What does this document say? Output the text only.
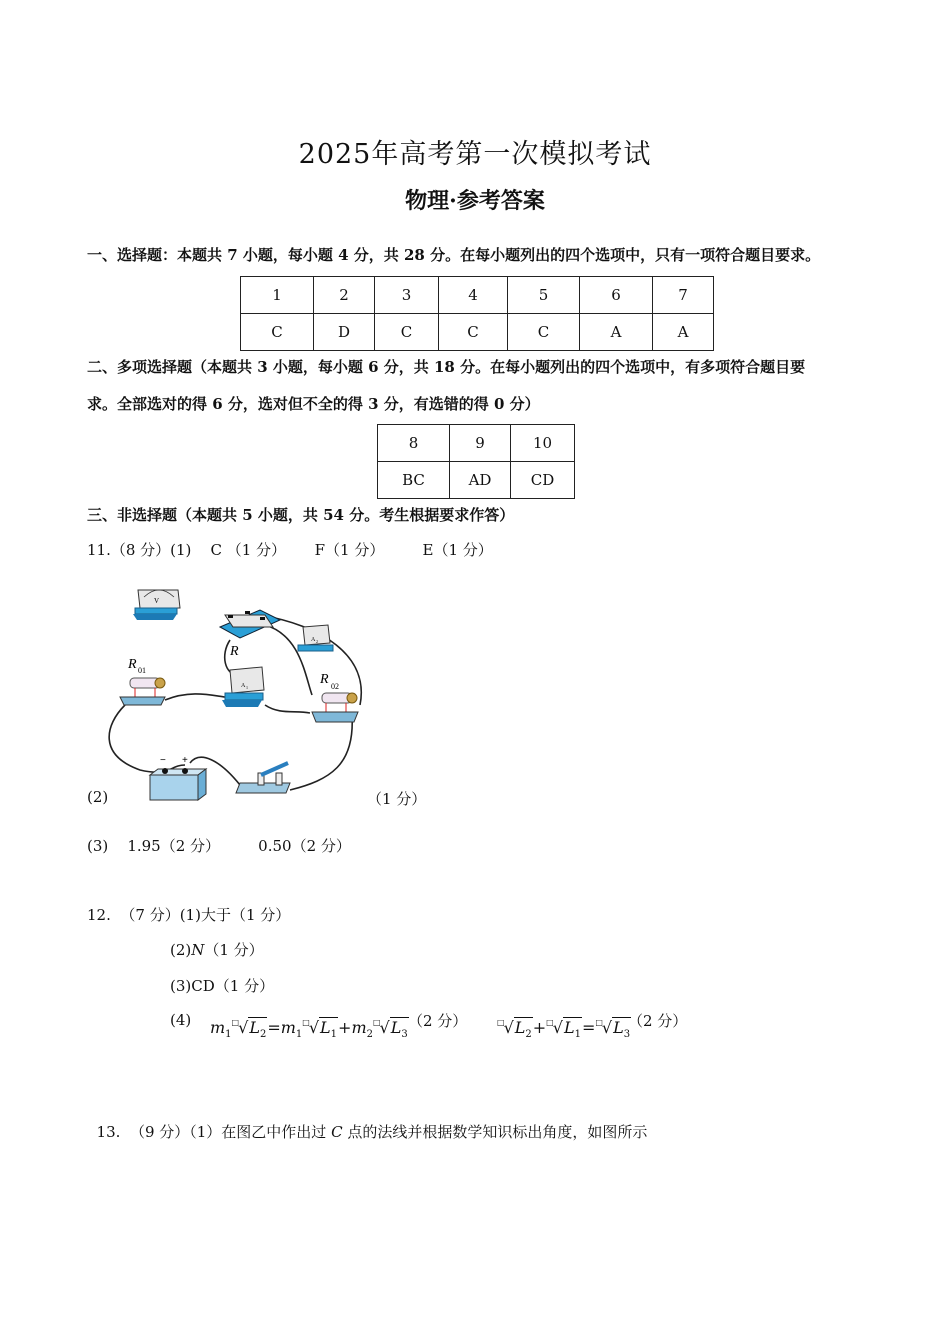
2025年高考第一次模拟考试
物理·参考答案
一、选择题：本题共 7 小题，每小题 4 分，共 28 分。在每小题列出的四个选项中，只有一项符合题目要求。
1	2	3	4	5	6	7
C	D	C	C	C	A	A
二、多项选择题（本题共 3 小题，每小题 6 分，共 18 分。在每小题列出的四个选项中，有多项符合题目要
求。全部选对的得 6 分，选对但不全的得 3 分，有选错的得 0 分）
8	9	10
BC	AD	CD
三、非选择题（本题共 5 小题，共 54 分。考生根据要求作答）
11.（8 分）(1)    C （1 分）      F（1 分）        E（1 分）
V
R
A 2
A 1
R 01
R 02
− +
(2)	（1 分）
(3)    1.95（2 分）        0.50（2 分）
12.  （7 分）(1)大于（1 分）
(2)N（1 分）
(3)CD（1 分）
(4) $m_1^□√L_2=m_1^□√L_1+m_2^□√L_3$
（2 分）	$^□√L_2+^□√L_1=^□√L_3$
（2 分）

13.  （9 分）（1）在图乙中作出过 C 点的法线并根据数学知识标出角度，如图所示
